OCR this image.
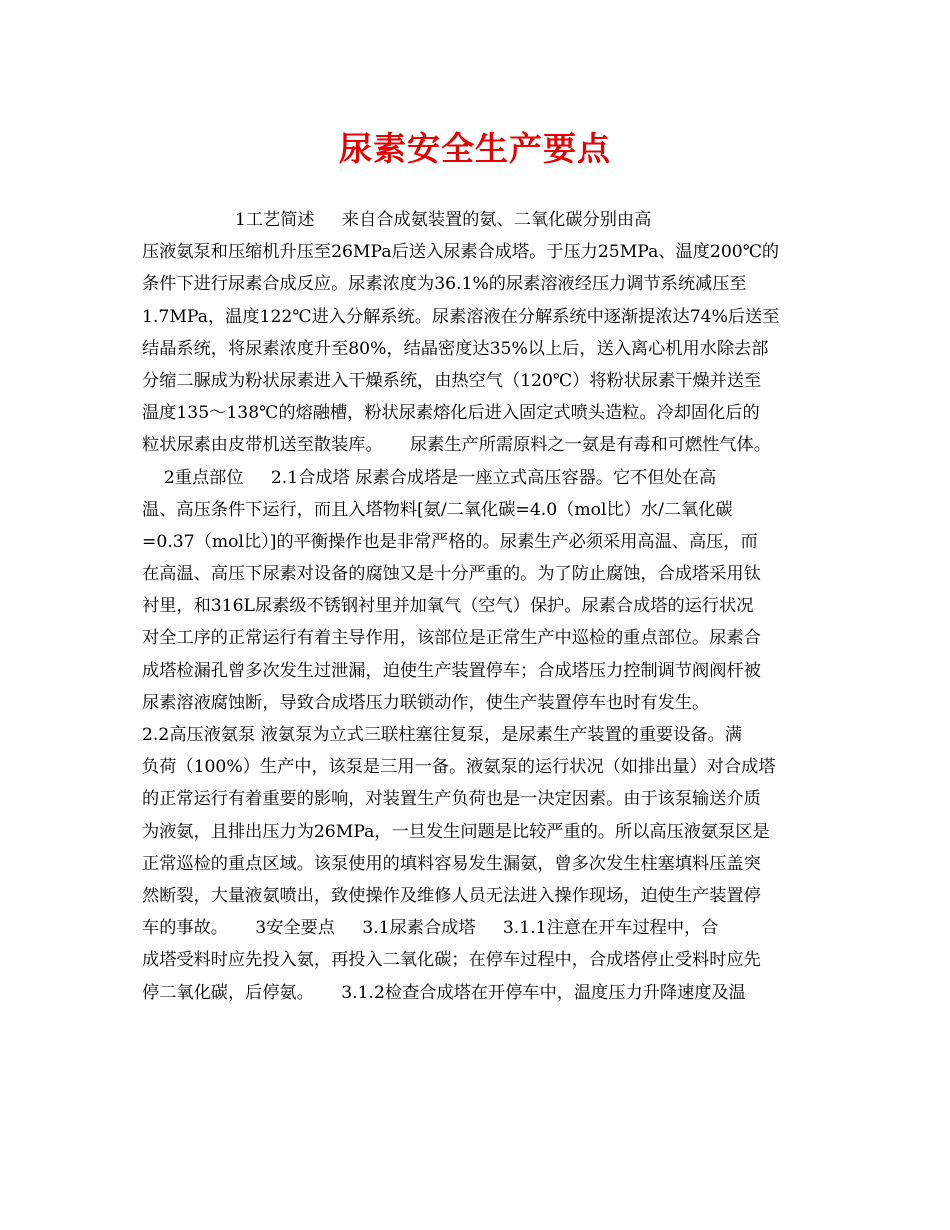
尿素安全生产要点
1工艺简述     来自合成氨装置的氨、二氧化碳分别由高
压液氨泵和压缩机升压至26MPa后送入尿素合成塔。于压力25MPa、温度200℃的
条件下进行尿素合成反应。尿素浓度为36.1%的尿素溶液经压力调节系统减压至
1.7MPa，温度122℃进入分解系统。尿素溶液在分解系统中逐渐提浓达74%后送至
结晶系统，将尿素浓度升至80%，结晶密度达35%以上后，送入离心机用水除去部
分缩二脲成为粉状尿素进入干燥系统，由热空气（120℃）将粉状尿素干燥并送至
温度135～138℃的熔融槽，粉状尿素熔化后进入固定式喷头造粒。冷却固化后的
粒状尿素由皮带机送至散装库。     尿素生产所需原料之一氨是有毒和可燃性气体。
2重点部位     2.1合成塔 尿素合成塔是一座立式高压容器。它不但处在高
温、高压条件下运行，而且入塔物料[氨/二氧化碳=4.0（mol比）水/二氧化碳
=0.37（mol比）]的平衡操作也是非常严格的。尿素生产必须采用高温、高压，而
在高温、高压下尿素对设备的腐蚀又是十分严重的。为了防止腐蚀，合成塔采用钛
衬里，和316L尿素级不锈钢衬里并加氧气（空气）保护。尿素合成塔的运行状况
对全工序的正常运行有着主导作用，该部位是正常生产中巡检的重点部位。尿素合
成塔检漏孔曾多次发生过泄漏，迫使生产装置停车；合成塔压力控制调节阀阀杆被
尿素溶液腐蚀断，导致合成塔压力联锁动作，使生产装置停车也时有发生。
2.2高压液氨泵 液氨泵为立式三联柱塞往复泵，是尿素生产装置的重要设备。满
负荷（100%）生产中，该泵是三用一备。液氨泵的运行状况（如排出量）对合成塔
的正常运行有着重要的影响，对装置生产负荷也是一决定因素。由于该泵输送介质
为液氨，且排出压力为26MPa，一旦发生问题是比较严重的。所以高压液氨泵区是
正常巡检的重点区域。该泵使用的填料容易发生漏氨，曾多次发生柱塞填料压盖突
然断裂，大量液氨喷出，致使操作及维修人员无法进入操作现场，迫使生产装置停
车的事故。     3安全要点     3.1尿素合成塔     3.1.1注意在开车过程中，合
成塔受料时应先投入氨，再投入二氧化碳；在停车过程中，合成塔停止受料时应先
停二氧化碳，后停氨。     3.1.2检查合成塔在开停车中，温度压力升降速度及温
